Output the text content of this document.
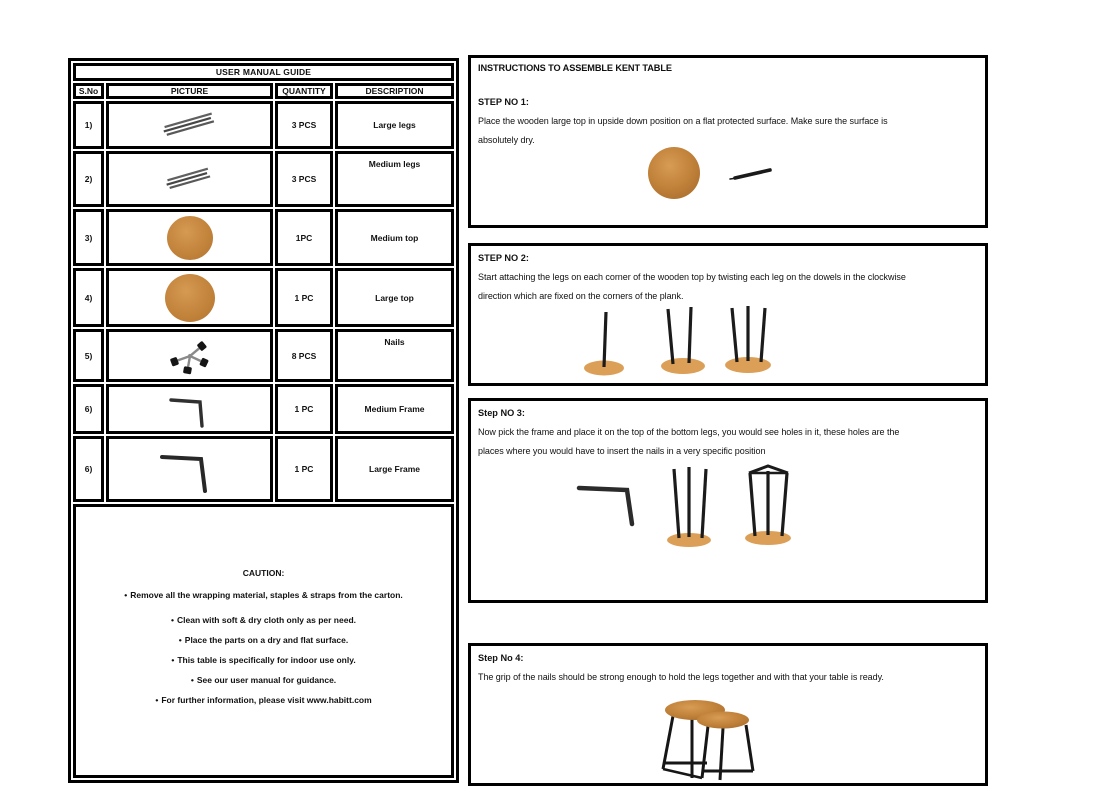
USER MANUAL GUIDE			
S.No	PICTURE	QUANTITY	DESCRIPTION
1)		3 PCS	Large legs
2)		3 PCS	Medium legs
3)		1PC	Medium top
4)		1 PC	Large top
5)		8 PCS	Nails
6)		1 PC	Medium Frame
6)		1 PC	Large Frame

CAUTION:
• Remove all the wrapping material, staples & straps from the carton.
• Clean with soft & dry cloth only as per need.
• Place the parts on a dry and flat surface.
• This table is specifically for indoor use only.
• See our user manual for guidance.
• For further information, please visit www.habitt.com
INSTRUCTIONS TO ASSEMBLE KENT TABLE
STEP NO 1:
Place the wooden large top in upside down position on a flat protected surface. Make sure the surface is
absolutely dry.
STEP NO 2:
Start attaching the legs on each corner of the wooden top by twisting each leg on the dowels in the clockwise
direction which are fixed on the corners of the plank.
Step NO 3:
Now pick the frame and place it on the top of the bottom legs, you would see holes in it, these holes are the
places where you would have to insert the nails in a very specific position
Step No 4:
The grip of the nails should be strong enough to hold the legs together and with that your table is ready.
